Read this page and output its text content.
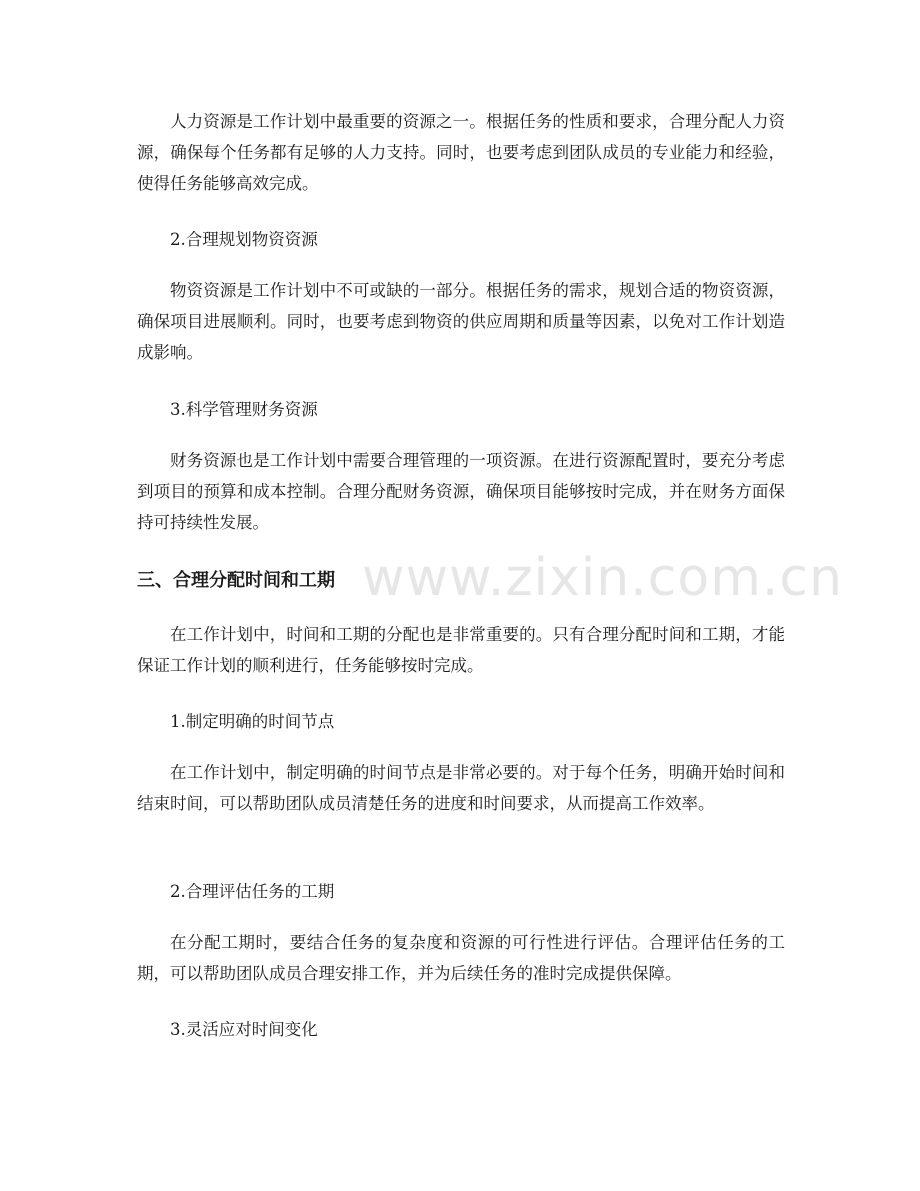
www.zixin.com.cn

人力资源是工作计划中最重要的资源之一。根据任务的性质和要求，合理分配人力资源，确保每个任务都有足够的人力支持。同时，也要考虑到团队成员的专业能力和经验，使得任务能够高效完成。

2.合理规划物资资源

物资资源是工作计划中不可或缺的一部分。根据任务的需求，规划合适的物资资源，确保项目进展顺利。同时，也要考虑到物资的供应周期和质量等因素，以免对工作计划造成影响。

3.科学管理财务资源

财务资源也是工作计划中需要合理管理的一项资源。在进行资源配置时，要充分考虑到项目的预算和成本控制。合理分配财务资源，确保项目能够按时完成，并在财务方面保持可持续性发展。

三、合理分配时间和工期

在工作计划中，时间和工期的分配也是非常重要的。只有合理分配时间和工期，才能保证工作计划的顺利进行，任务能够按时完成。

1.制定明确的时间节点

在工作计划中，制定明确的时间节点是非常必要的。对于每个任务，明确开始时间和结束时间，可以帮助团队成员清楚任务的进度和时间要求，从而提高工作效率。

2.合理评估任务的工期

在分配工期时，要结合任务的复杂度和资源的可行性进行评估。合理评估任务的工期，可以帮助团队成员合理安排工作，并为后续任务的准时完成提供保障。

3.灵活应对时间变化
